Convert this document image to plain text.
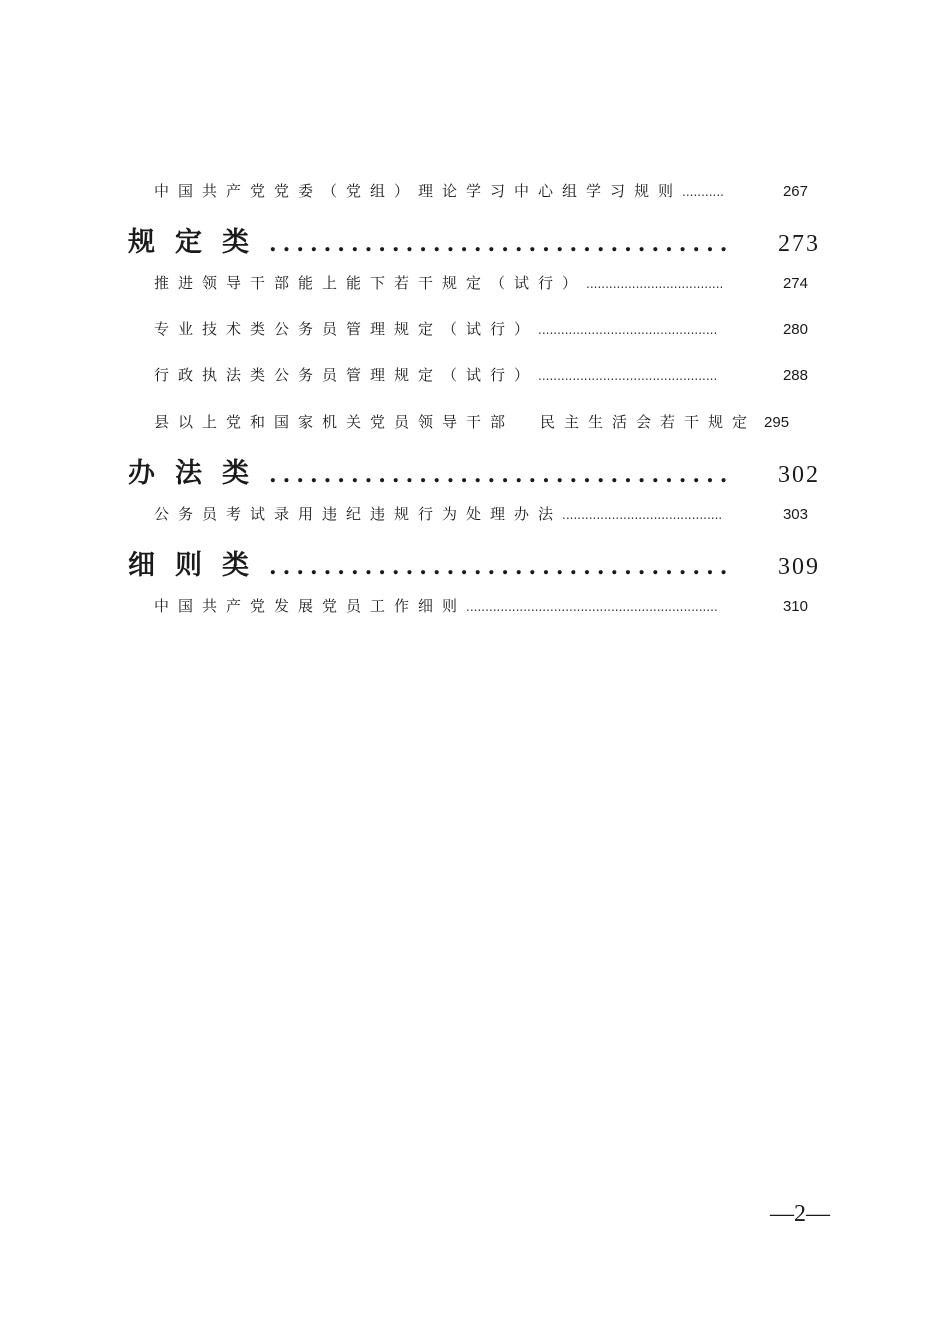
中国共产党党委（党组）理论学习中心组学习规则 ...........	267
规定类 ..................................	273
推进领导干部能上能下若干规定（试行） ....................................	274
专业技术类公务员管理规定（试行） ...............................................	280
行政执法类公务员管理规定（试行） ...............................................	288
县以上党和国家机关党员领导干部 民主生活会若干规定 295
办法类 ..................................	302
公务员考试录用违纪违规行为处理办法 ..........................................	303
细则类 ..................................	309
中国共产党发展党员工作细则 ..................................................................	310
—2—
